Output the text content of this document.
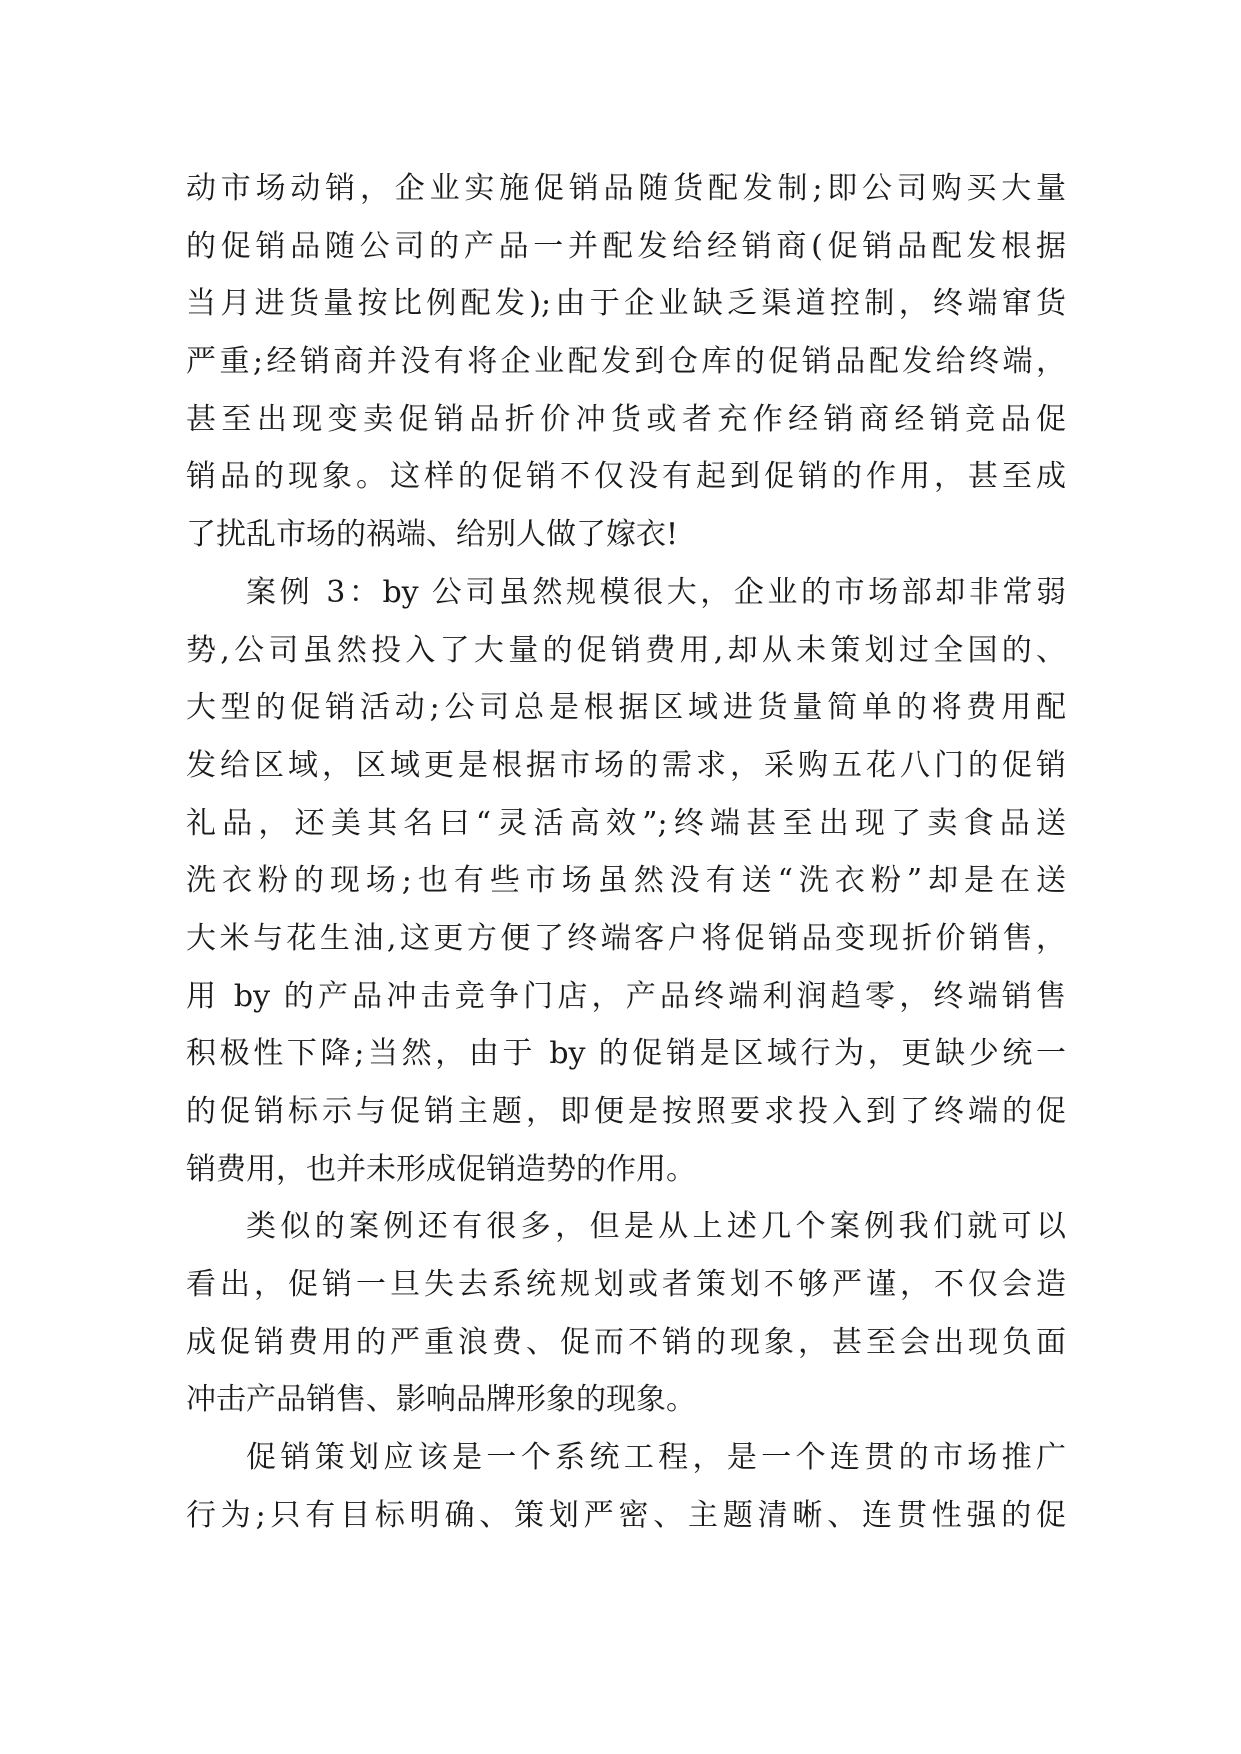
动市场动销，企业实施促销品随货配发制;即公司购买大量
的促销品随公司的产品一并配发给经销商(促销品配发根据
当月进货量按比例配发);由于企业缺乏渠道控制，终端窜货
严重;经销商并没有将企业配发到仓库的促销品配发给终端，
甚至出现变卖促销品折价冲货或者充作经销商经销竞品促
销品的现象。这样的促销不仅没有起到促销的作用，甚至成
了扰乱市场的祸端、给别人做了嫁衣!
案例 3：by 公司虽然规模很大，企业的市场部却非常弱
势,公司虽然投入了大量的促销费用,却从未策划过全国的、
大型的促销活动;公司总是根据区域进货量简单的将费用配
发给区域，区域更是根据市场的需求，采购五花八门的促销
礼品，还美其名曰“灵活高效”;终端甚至出现了卖食品送
洗衣粉的现场;也有些市场虽然没有送“洗衣粉”却是在送
大米与花生油,这更方便了终端客户将促销品变现折价销售，
用 by 的产品冲击竞争门店，产品终端利润趋零，终端销售
积极性下降;当然，由于 by 的促销是区域行为，更缺少统一
的促销标示与促销主题，即便是按照要求投入到了终端的促
销费用，也并未形成促销造势的作用。
类似的案例还有很多，但是从上述几个案例我们就可以
看出，促销一旦失去系统规划或者策划不够严谨，不仅会造
成促销费用的严重浪费、促而不销的现象，甚至会出现负面
冲击产品销售、影响品牌形象的现象。
促销策划应该是一个系统工程，是一个连贯的市场推广
行为;只有目标明确、策划严密、主题清晰、连贯性强的促
